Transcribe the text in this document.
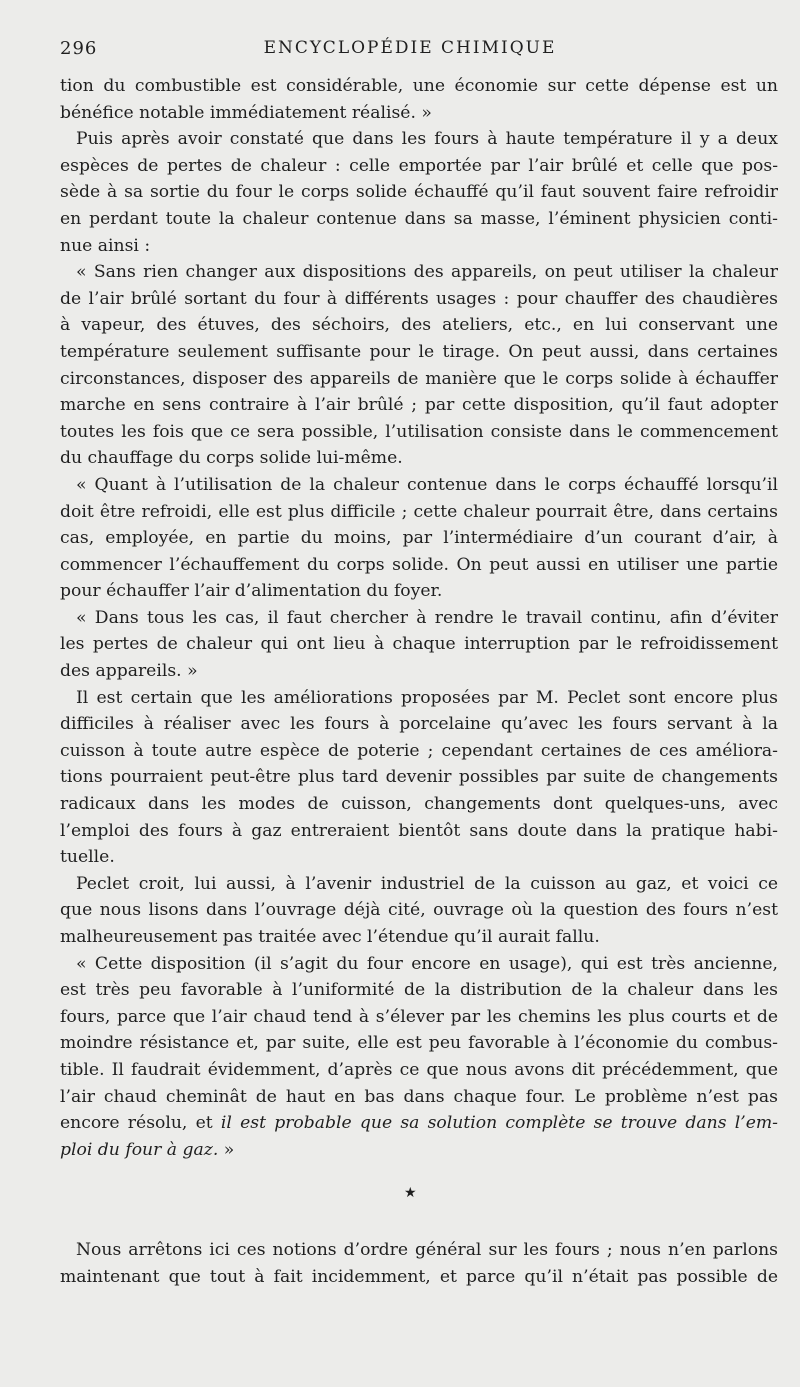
296	ENCYCLOPÉDIE CHIMIQUE
tion du combustible est considérable, une économie sur cette dépense est un
bénéfice notable immédiatement réalisé. »
Puis après avoir constaté que dans les fours à haute température il y a deux
espèces de pertes de chaleur : celle emportée par l’air brûlé et celle que pos-
sède à sa sortie du four le corps solide échauffé qu’il faut souvent faire refroidir
en perdant toute la chaleur contenue dans sa masse, l’éminent physicien conti-
nue ainsi :
« Sans rien changer aux dispositions des appareils, on peut utiliser la chaleur
de l’air brûlé sortant du four à différents usages : pour chauffer des chaudières
à vapeur, des étuves, des séchoirs, des ateliers, etc., en lui conservant une
température seulement suffisante pour le tirage. On peut aussi, dans certaines
circonstances, disposer des appareils de manière que le corps solide à échauffer
marche en sens contraire à l’air brûlé ; par cette disposition, qu’il faut adopter
toutes les fois que ce sera possible, l’utilisation consiste dans le commencement
du chauffage du corps solide lui-même.
« Quant à l’utilisation de la chaleur contenue dans le corps échauffé lorsqu’il
doit être refroidi, elle est plus difficile ; cette chaleur pourrait être, dans certains
cas, employée, en partie du moins, par l’intermédiaire d’un courant d’air, à
commencer l’échauffement du corps solide. On peut aussi en utiliser une partie
pour échauffer l’air d’alimentation du foyer.
« Dans tous les cas, il faut chercher à rendre le travail continu, afin d’éviter
les pertes de chaleur qui ont lieu à chaque interruption par le refroidissement
des appareils. »
Il est certain que les améliorations proposées par M. Peclet sont encore plus
difficiles à réaliser avec les fours à porcelaine qu’avec les fours servant à la
cuisson à toute autre espèce de poterie ; cependant certaines de ces améliora-
tions pourraient peut-être plus tard devenir possibles par suite de changements
radicaux dans les modes de cuisson, changements dont quelques-uns, avec
l’emploi des fours à gaz entreraient bientôt sans doute dans la pratique habi-
tuelle.
Peclet croit, lui aussi, à l’avenir industriel de la cuisson au gaz, et voici ce
que nous lisons dans l’ouvrage déjà cité, ouvrage où la question des fours n’est
malheureusement pas traitée avec l’étendue qu’il aurait fallu.
« Cette disposition (il s’agit du four encore en usage), qui est très ancienne,
est très peu favorable à l’uniformité de la distribution de la chaleur dans les
fours, parce que l’air chaud tend à s’élever par les chemins les plus courts et de
moindre résistance et, par suite, elle est peu favorable à l’économie du combus-
tible. Il faudrait évidemment, d’après ce que nous avons dit précédemment, que
l’air chaud cheminât de haut en bas dans chaque four. Le problème n’est pas
encore résolu, et il est probable que sa solution complète se trouve dans l’em-
ploi du four à gaz. »
★
Nous arrêtons ici ces notions d’ordre général sur les fours ; nous n’en parlons
maintenant que tout à fait incidemment, et parce qu’il n’était pas possible de
